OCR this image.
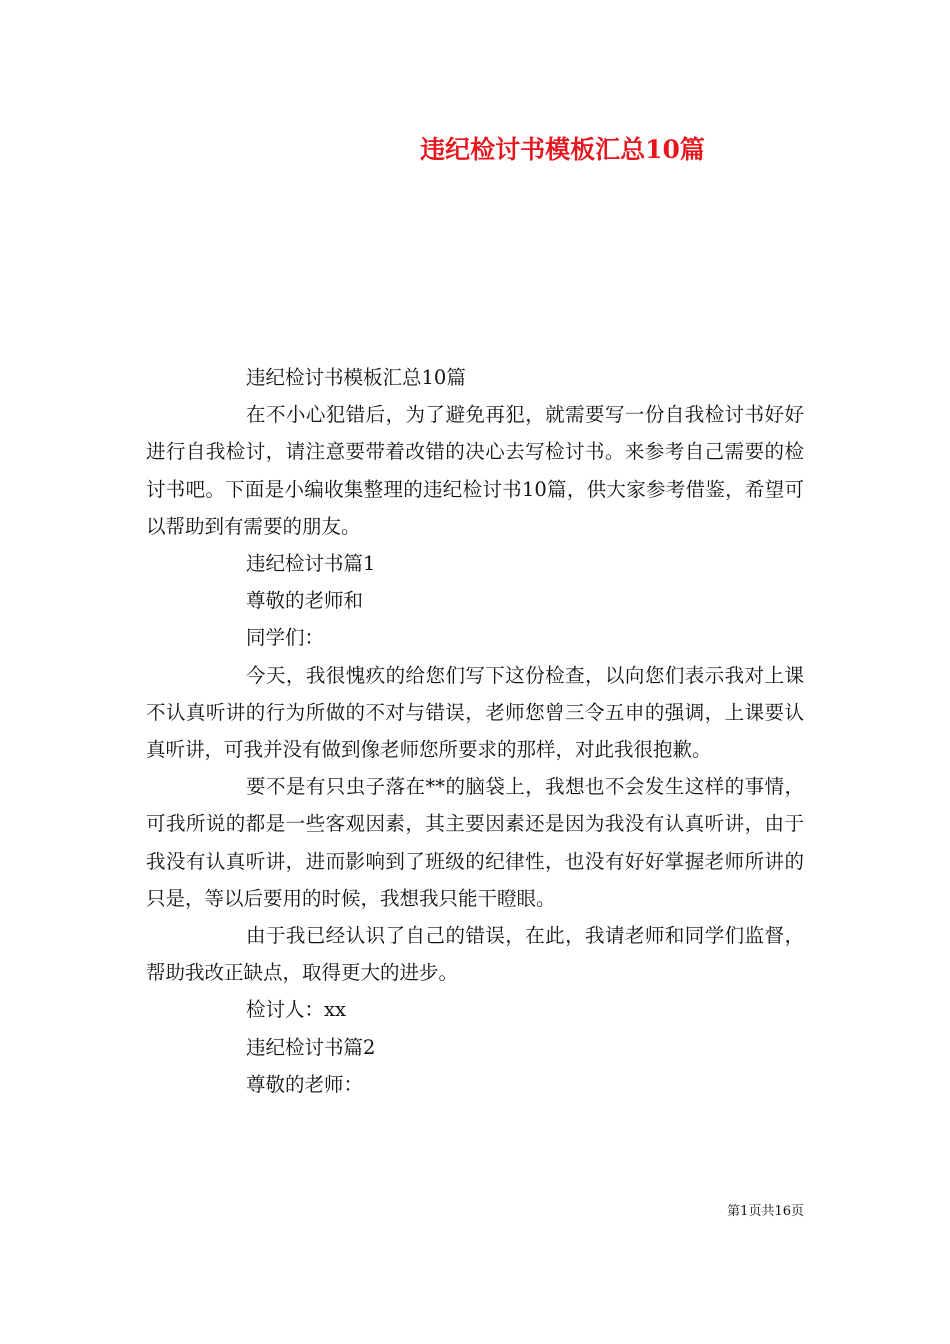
违纪检讨书模板汇总10篇

违纪检讨书模板汇总10篇

在不小心犯错后，为了避免再犯，就需要写一份自我检讨书好好进行自我检讨，请注意要带着改错的决心去写检讨书。来参考自己需要的检讨书吧。下面是小编收集整理的违纪检讨书10篇，供大家参考借鉴，希望可以帮助到有需要的朋友。

违纪检讨书篇1

尊敬的老师和

同学们：

今天，我很愧疚的给您们写下这份检查，以向您们表示我对上课不认真听讲的行为所做的不对与错误，老师您曾三令五申的强调，上课要认真听讲，可我并没有做到像老师您所要求的那样，对此我很抱歉。

要不是有只虫子落在**的脑袋上，我想也不会发生这样的事情，可我所说的都是一些客观因素，其主要因素还是因为我没有认真听讲，由于我没有认真听讲，进而影响到了班级的纪律性，也没有好好掌握老师所讲的只是，等以后要用的时候，我想我只能干瞪眼。

由于我已经认识了自己的错误，在此，我请老师和同学们监督，帮助我改正缺点，取得更大的进步。

检讨人：xx

违纪检讨书篇2

尊敬的老师：

第1页共16页
